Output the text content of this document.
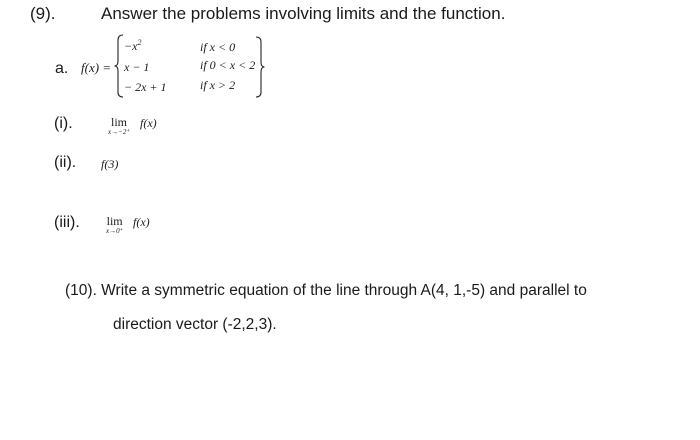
(9).	Answer the problems involving limits and the function.
a. f(x) =
$-x^2$
x − 1
− 2x + 1
if x < 0
if 0 < x < 2
if x > 2
(i).	lim
x→−2⁺
f(x)
(ii). f(3)
(iii). lim
x→0⁺
f(x)
(10). Write a symmetric equation of the line through A(4, 1,-5) and parallel to
direction vector (-2,2,3).
